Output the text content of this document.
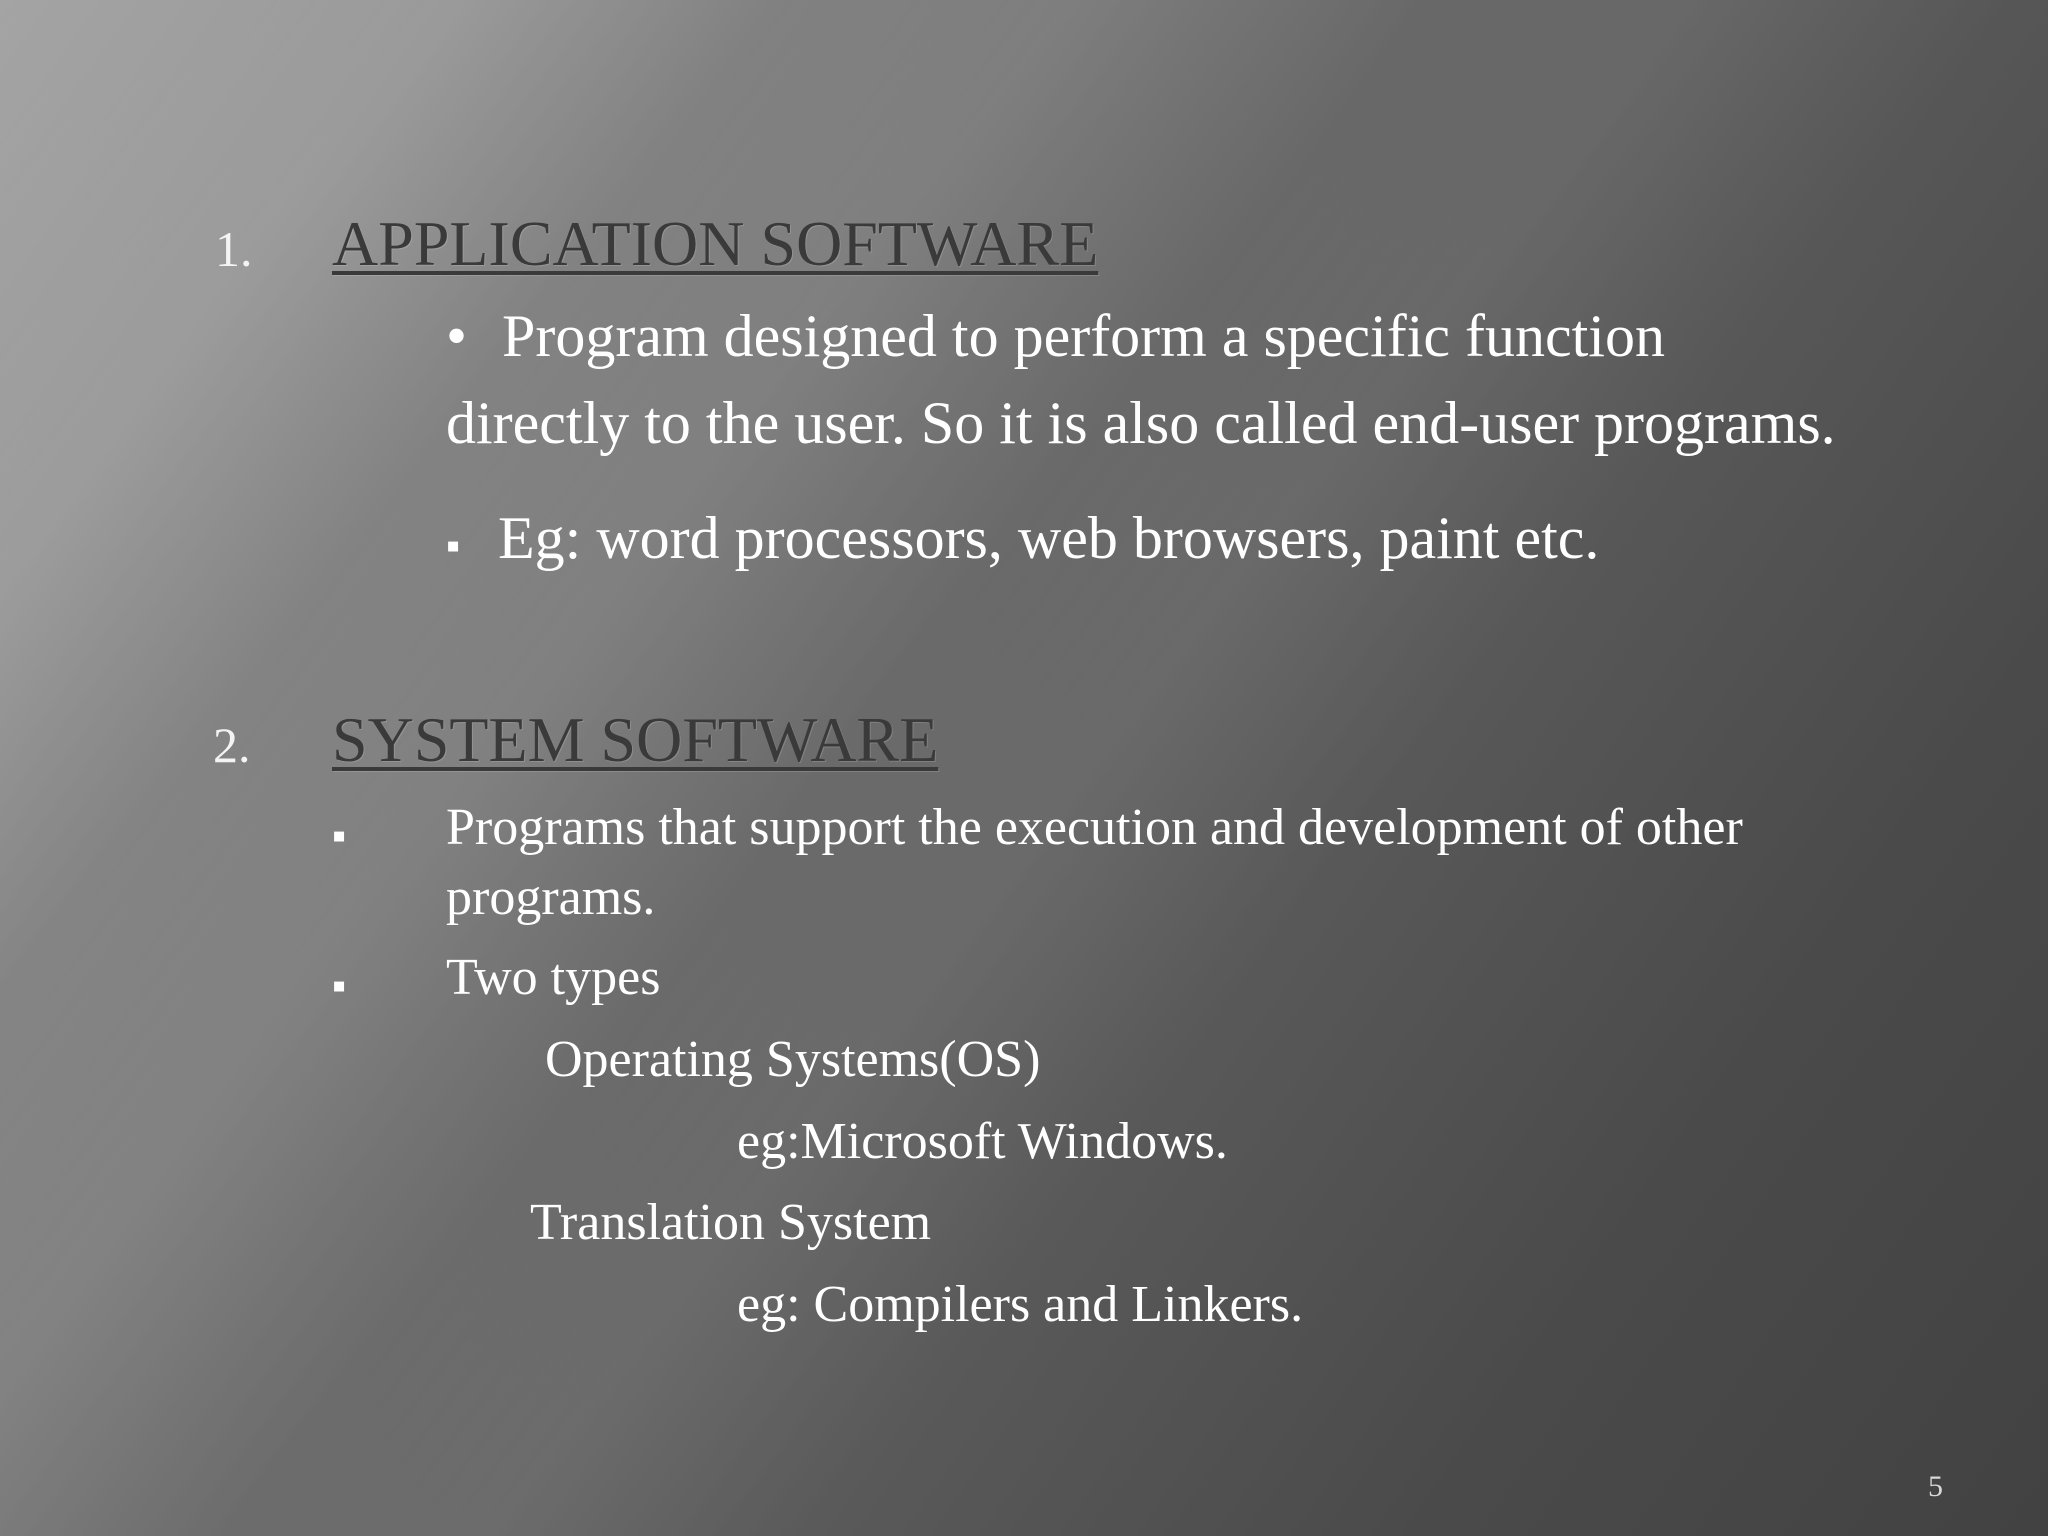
1. APPLICATION SOFTWARE
• Program designed to perform a specific function
directly to the user. So it is also called end-user programs.
▪ Eg: word processors, web browsers, paint etc.
2. SYSTEM SOFTWARE
▪ Programs that support the execution and development of other
programs.
▪ Two types
Operating Systems(OS)
eg:Microsoft Windows.
Translation System
eg: Compilers and Linkers.
5
